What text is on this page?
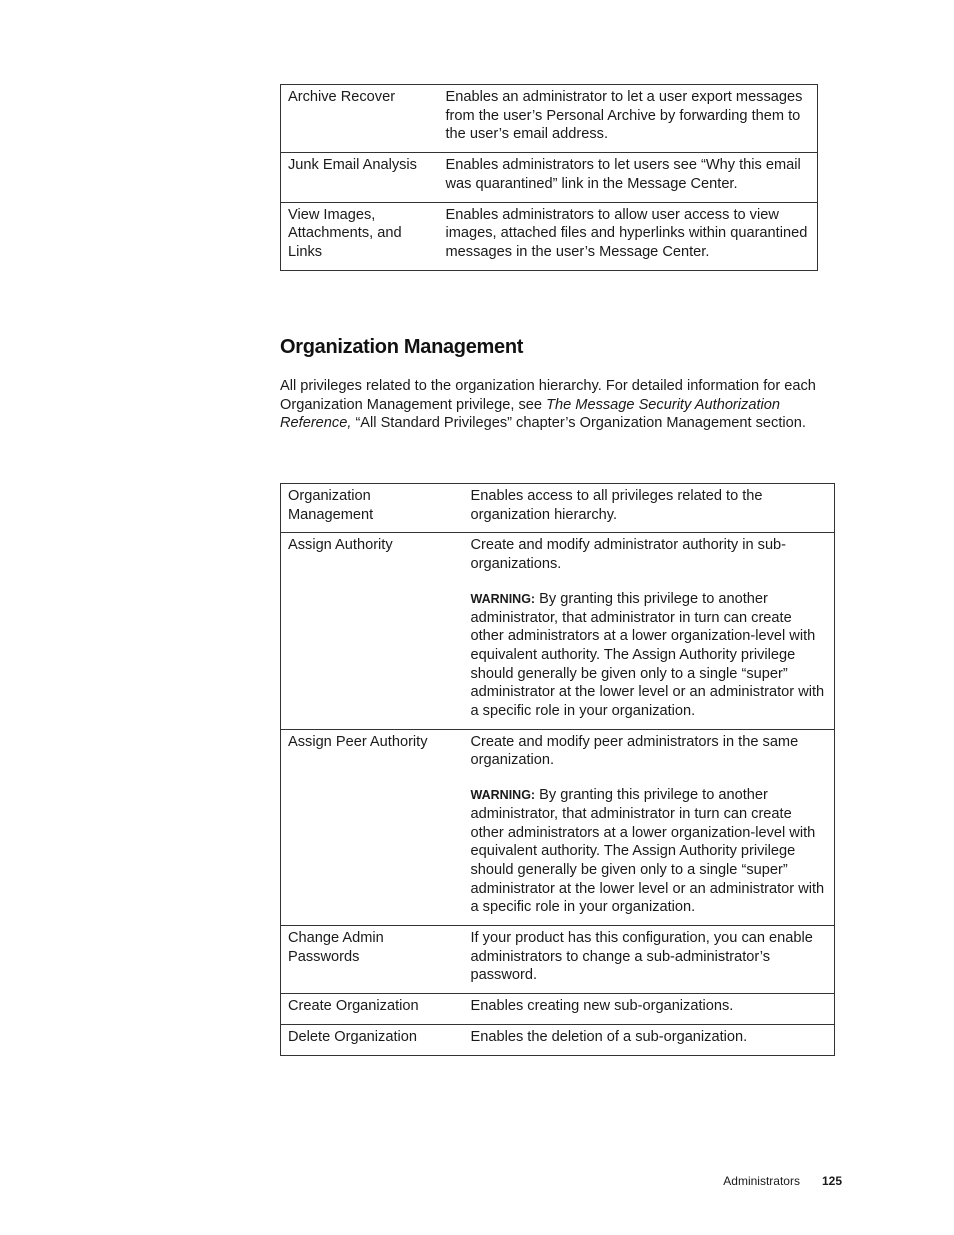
Archive Recover	Enables an administrator to let a user export messages from the user’s Personal Archive by forwarding them to the user’s email address.

Junk Email Analysis	Enables administrators to let users see “Why this email was quarantined” link in the Message Center.

View Images, Attachments, and Links	Enables administrators to allow user access to view images, attached files and hyperlinks within quarantined messages in the user’s Message Center.

Organization Management

All privileges related to the organization hierarchy. For detailed information for each Organization Management privilege, see The Message Security Authorization Reference, “All Standard Privileges” chapter’s Organization Management section.

Organization Management	Enables access to all privileges related to the organization hierarchy.

Assign Authority	Create and modify administrator authority in sub-organizations.

WARNING: By granting this privilege to another administrator, that administrator in turn can create other administrators at a lower organization-level with equivalent authority. The Assign Authority privilege should generally be given only to a single “super” administrator at the lower level or an administrator with a specific role in your organization.

Assign Peer Authority	Create and modify peer administrators in the same organization.

WARNING: By granting this privilege to another administrator, that administrator in turn can create other administrators at a lower organization-level with equivalent authority. The Assign Authority privilege should generally be given only to a single “super” administrator at the lower level or an administrator with a specific role in your organization.

Change Admin Passwords	If your product has this configuration, you can enable administrators to change a sub-administrator’s password.

Create Organization	Enables creating new sub-organizations.

Delete Organization	Enables the deletion of a sub-organization.

Administrators 125
